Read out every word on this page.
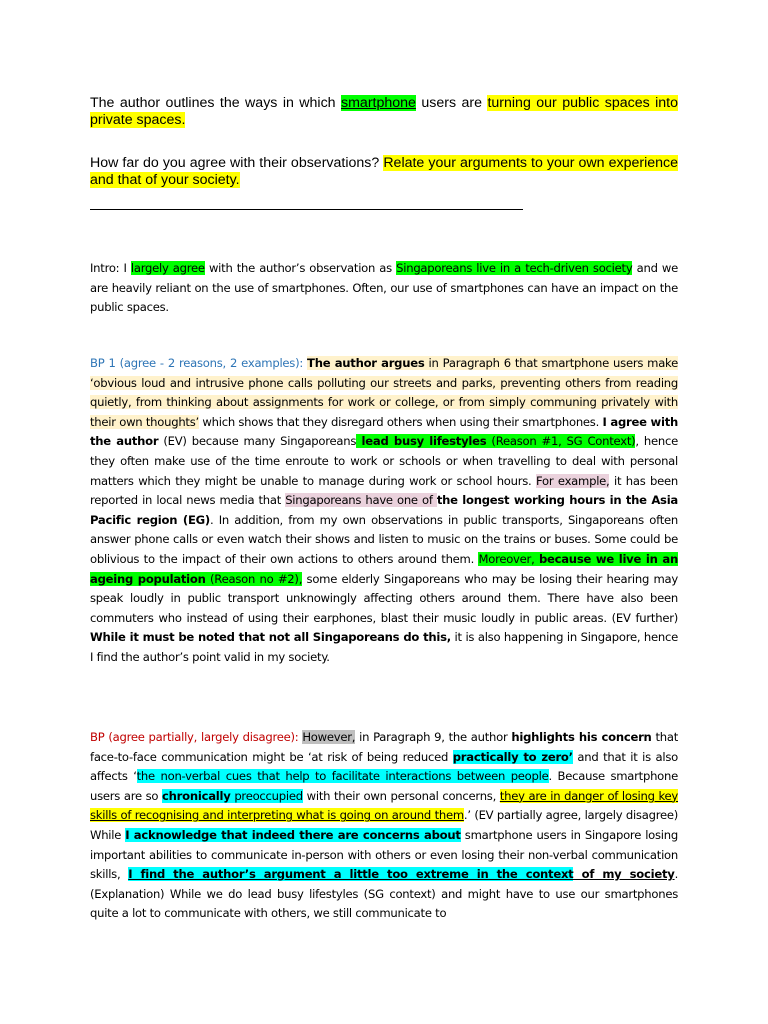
The author outlines the ways in which smartphone users are turning our public spaces into private spaces.
How far do you agree with their observations? Relate your arguments to your own experience and that of your society.
Intro: I largely agree with the author’s observation as Singaporeans live in a tech-driven society and we are heavily reliant on the use of smartphones. Often, our use of smartphones can have an impact on the public spaces.
BP 1 (agree - 2 reasons, 2 examples): The author argues in Paragraph 6 that smartphone users make ‘obvious loud and intrusive phone calls polluting our streets and parks, preventing others from reading quietly, from thinking about assignments for work or college, or from simply communing privately with their own thoughts’ which shows that they disregard others when using their smartphones. I agree with the author (EV) because many Singaporeans lead busy lifestyles (Reason #1, SG Context), hence they often make use of the time enroute to work or schools or when travelling to deal with personal matters which they might be unable to manage during work or school hours. For example, it has been reported in local news media that Singaporeans have one of the longest working hours in the Asia Pacific region (EG). In addition, from my own observations in public transports, Singaporeans often answer phone calls or even watch their shows and listen to music on the trains or buses. Some could be oblivious to the impact of their own actions to others around them. Moreover, because we live in an ageing population (Reason no #2), some elderly Singaporeans who may be losing their hearing may speak loudly in public transport unknowingly affecting others around them. There have also been commuters who instead of using their earphones, blast their music loudly in public areas. (EV further) While it must be noted that not all Singaporeans do this, it is also happening in Singapore, hence I find the author’s point valid in my society.
BP (agree partially, largely disagree): However, in Paragraph 9, the author highlights his concern that face-to-face communication might be ‘at risk of being reduced practically to zero’ and that it is also affects ‘the non-verbal cues that help to facilitate interactions between people. Because smartphone users are so chronically preoccupied with their own personal concerns, they are in danger of losing key skills of recognising and interpreting what is going on around them.’ (EV partially agree, largely disagree) While I acknowledge that indeed there are concerns about smartphone users in Singapore losing important abilities to communicate in-person with others or even losing their non-verbal communication skills, I find the author’s argument a little too extreme in the context of my society. (Explanation) While we do lead busy lifestyles (SG context) and might have to use our smartphones quite a lot to communicate with others, we still communicate to
